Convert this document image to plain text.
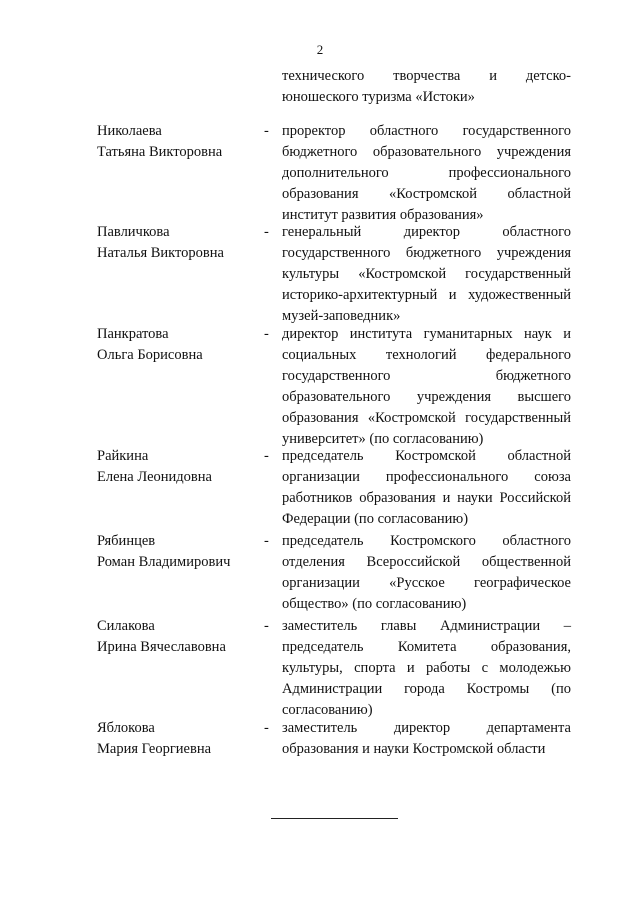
2
технического творчества и детско-юношеского туризма «Истоки»
Николаева
Татьяна Викторовна
- проректор областного государственного бюджетного образовательного учреждения дополнительного профессионального образования «Костромской областной институт развития образования»
Павличкова
Наталья Викторовна
- генеральный директор областного государственного бюджетного учреждения культуры «Костромской государственный историко-архитектурный и художественный музей-заповедник»
Панкратова
Ольга Борисовна
- директор института гуманитарных наук и социальных технологий федерального государственного бюджетного образовательного учреждения высшего образования «Костромской государственный университет» (по согласованию)
Райкина
Елена Леонидовна
- председатель Костромской областной организации профессионального союза работников образования и науки Российской Федерации (по согласованию)
Рябинцев
Роман Владимирович
- председатель Костромского областного отделения Всероссийской общественной организации «Русское географическое общество» (по согласованию)
Силакова
Ирина Вячеславовна
- заместитель главы Администрации – председатель Комитета образования, культуры, спорта и работы с молодежью Администрации города Костромы (по согласованию)
Яблокова
Мария Георгиевна
- заместитель директор департамента образования и науки Костромской области
